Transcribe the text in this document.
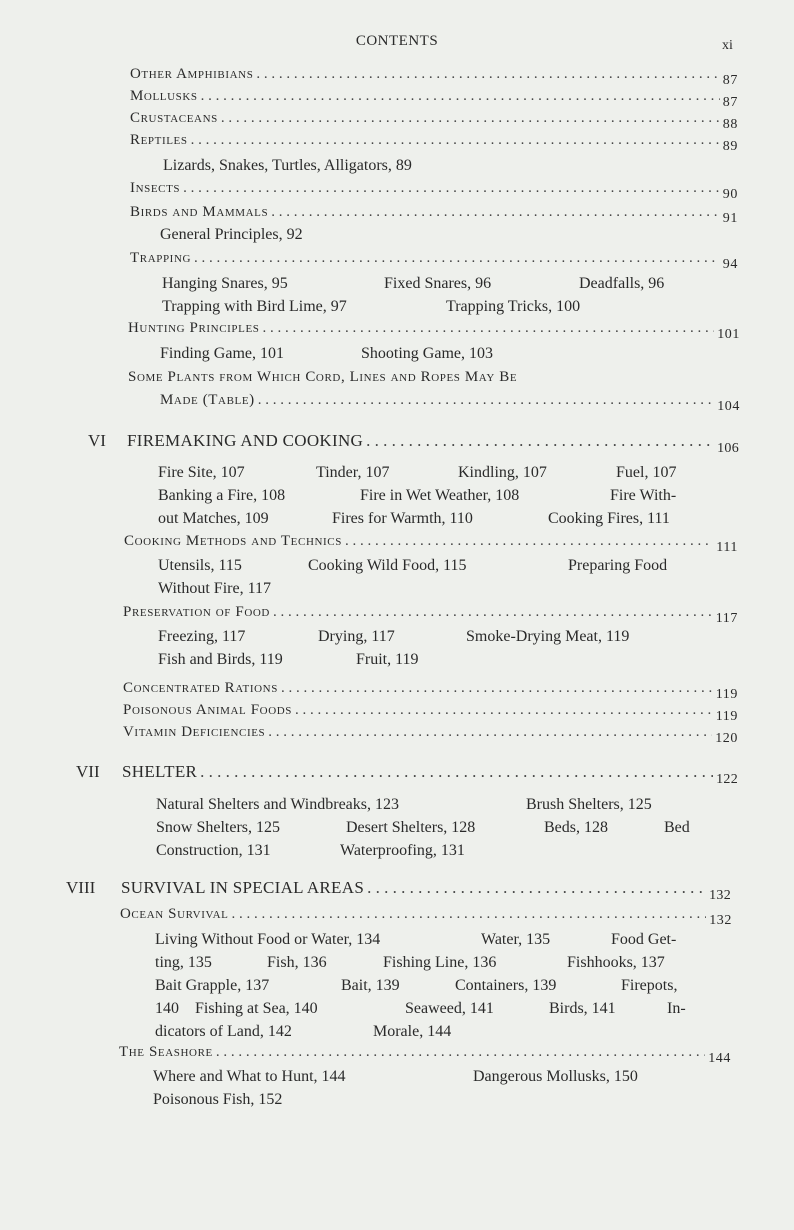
CONTENTS	xi
Other Amphibians . . .	87
Mollusks . . .	87
Crustaceans . . .	88
Reptiles . . .	89
Lizards, Snakes, Turtles, Alligators, 89
Insects . . .	90
Birds and Mammals . . .	91
General Principles, 92
Trapping . . .	94
Hanging Snares, 95	Fixed Snares, 96	Deadfalls, 96
Trapping with Bird Lime, 97	Trapping Tricks, 100
Hunting Principles . . .	101
Finding Game, 101	Shooting Game, 103
Some Plants from Which Cord, Lines and Ropes May Be
Made (Table) . . .	104
VI FIREMAKING AND COOKING . . .	106
Fire Site, 107	Tinder, 107	Kindling, 107	Fuel, 107
Banking a Fire, 108	Fire in Wet Weather, 108	Fire With-
out Matches, 109	Fires for Warmth, 110	Cooking Fires, 111
Cooking Methods and Technics . . .	111
Utensils, 115	Cooking Wild Food, 115	Preparing Food
Without Fire, 117
Preservation of Food . . .	117
Freezing, 117	Drying, 117	Smoke-Drying Meat, 119
Fish and Birds, 119	Fruit, 119
Concentrated Rations . . .	119
Poisonous Animal Foods . . .	119
Vitamin Deficiencies . . .	120
VII SHELTER . . .	122
Natural Shelters and Windbreaks, 123	Brush Shelters, 125
Snow Shelters, 125	Desert Shelters, 128	Beds, 128	Bed
Construction, 131	Waterproofing, 131
VIII SURVIVAL IN SPECIAL AREAS . . .	132
Ocean Survival . . .	132
Living Without Food or Water, 134	Water, 135	Food Get-
ting, 135	Fish, 136	Fishing Line, 136	Fishhooks, 137
Bait Grapple, 137	Bait, 139	Containers, 139	Firepots,
140 Fishing at Sea, 140	Seaweed, 141	Birds, 141	In-
dicators of Land, 142	Morale, 144
The Seashore . . .	144
Where and What to Hunt, 144	Dangerous Mollusks, 150
Poisonous Fish, 152
